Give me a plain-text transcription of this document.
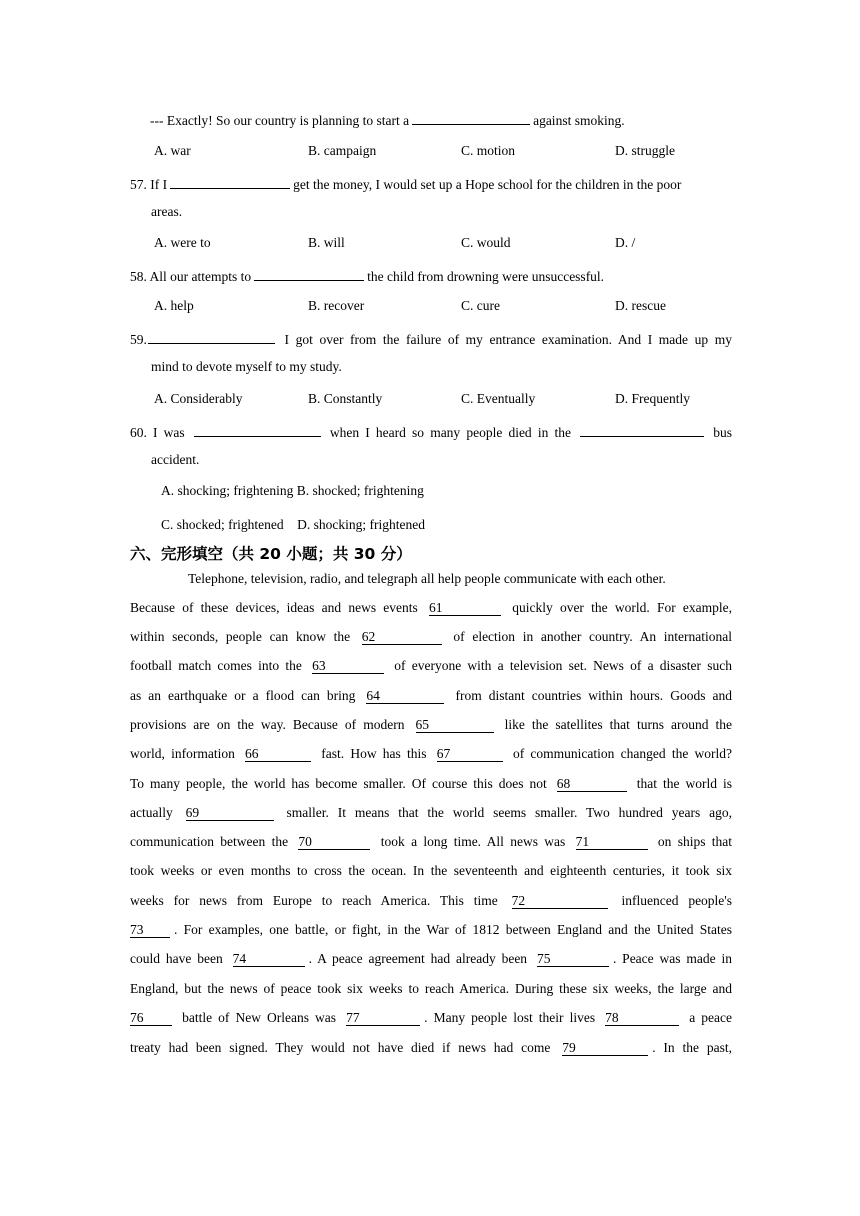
--- Exactly! So our country is planning to start a	against smoking.
A. war	B. campaign	C. motion	D. struggle
57. If I	get the money, I would set up a Hope school for the children in the poor
areas.
A. were to	B. will	C. would	D. /
58. All our attempts to	the child from drowning were unsuccessful.
A. help	B. recover	C. cure	D. rescue
59.	I got over from the failure of my entrance examination. And I made up my
mind to devote myself to my study.
A. Considerably	B. Constantly	C. Eventually	D. Frequently
60. I was	when I heard so many people died in the	bus
accident.
A. shocking; frightening B. shocked; frightening
C. shocked; frightened    D. shocking; frightened
六、完形填空（共 20 小题；共 30 分）
Telephone, television, radio, and telegraph all help people communicate with each other.
Because of these devices, ideas and news events 61	quickly over the world. For example,
within seconds, people can know the 62	of election in another country. An international
football match comes into the 63	of everyone with a television set. News of a disaster such
as an earthquake or a flood can bring 64	from distant countries within hours. Goods and
provisions are on the way. Because of modern 65	like the satellites that turns around the
world, information 66	fast. How has this 67	of communication changed the world?
To many people, the world has become smaller. Of course this does not 68	that the world is
actually 69	smaller. It means that the world seems smaller. Two hundred years ago,
communication between the 70	took a long time. All news was 71	on ships that
took weeks or even months to cross the ocean. In the seventeenth and eighteenth centuries, it took six
weeks for news from Europe to reach America. This time 72	influenced people's
73 . For examples, one battle, or fight, in the War of 1812 between England and the United States
could have been 74	. A peace agreement had already been 75	. Peace was made in
England, but the news of peace took six weeks to reach America. During these six weeks, the large and
76	battle of New Orleans was 77	. Many people lost their lives 78	a peace
treaty had been signed. They would not have died if news had come 79	. In the past,
